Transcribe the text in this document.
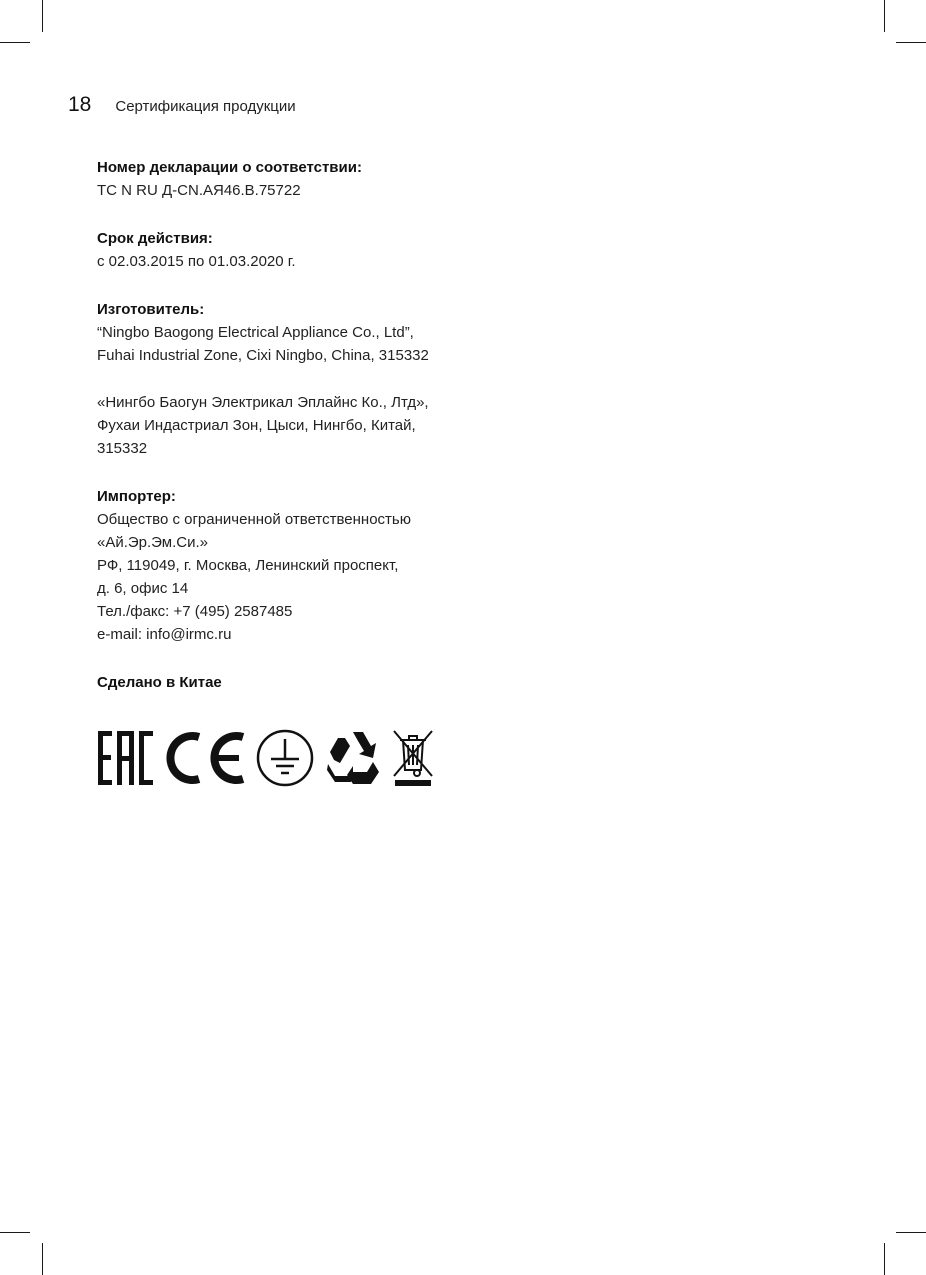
18 Сертификация продукции
Номер декларации о соответствии:
ТС N RU Д-CN.АЯ46.В.75722
Срок действия:
с 02.03.2015 по 01.03.2020 г.
Изготовитель:
“Ningbo Baogong Electrical Appliance Co., Ltd”,
Fuhai Industrial Zone, Cixi Ningbo, China, 315332
«Нингбо Баогун Электрикал Эплайнс Ко., Лтд»,
Фухаи Индастриал Зон, Цыси, Нингбо, Китай,
315332
Импортер:
Общество с ограниченной ответственностью
«Ай.Эр.Эм.Си.»
РФ, 119049, г. Москва, Ленинский проспект,
д. 6, офис 14
Тел./факс: +7 (495) 2587485
e-mail: info@irmc.ru
Сделано в Китае
